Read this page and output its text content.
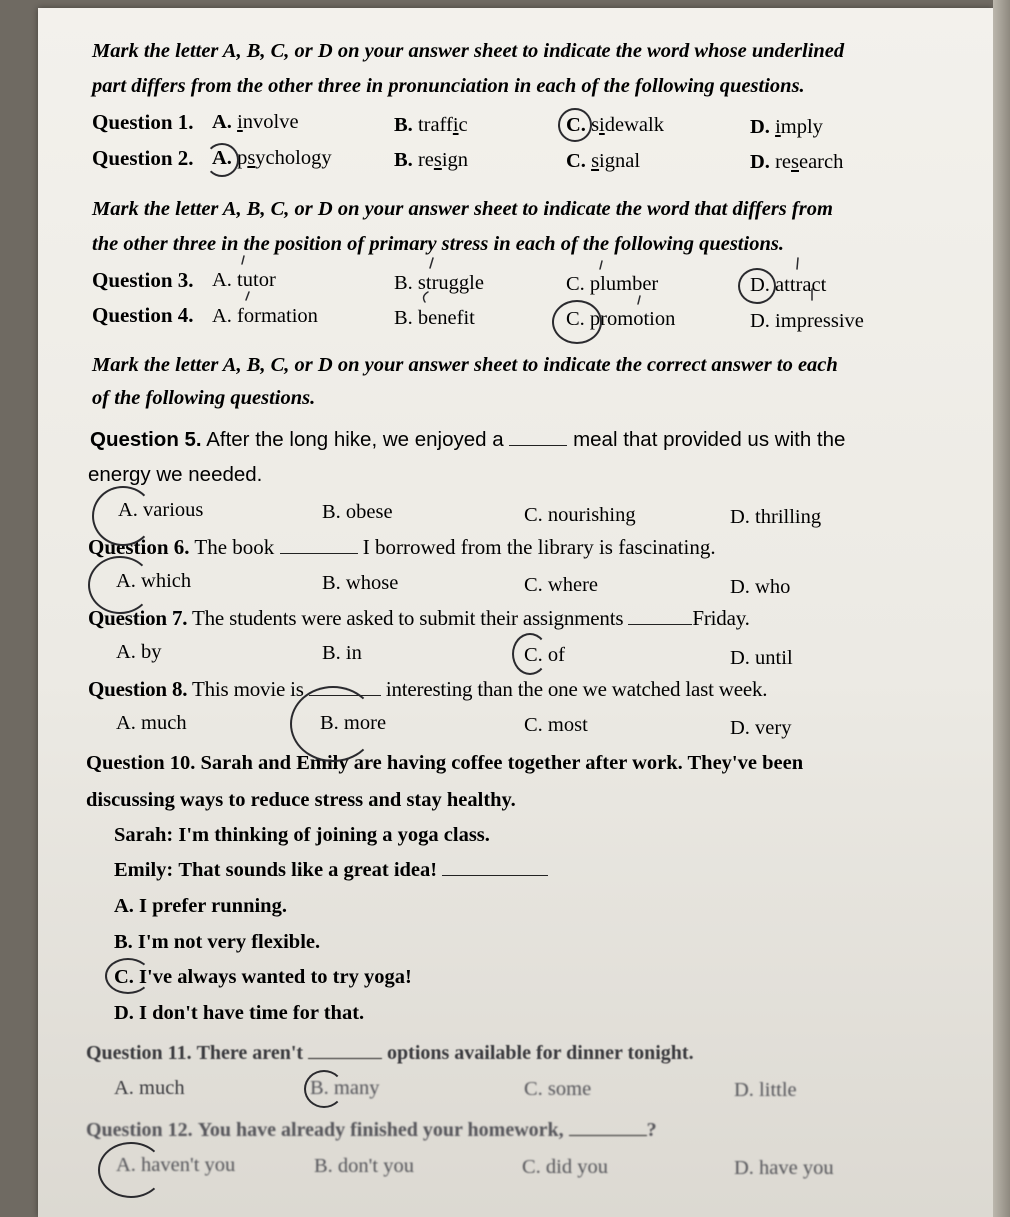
Mark the letter A, B, C, or D on your answer sheet to indicate the word whose underlined
part differs from the other three in pronunciation in each of the following questions.
Question 1. A. involve	B. traffic	C. sidewalk	D. imply
Question 2. A. psychology	B. resign	C. signal	D. research
Mark the letter A, B, C, or D on your answer sheet to indicate the word that differs from
the other three in the position of primary stress in each of the following questions.
Question 3. A. tutor	B. struggle	C. plumber	D. attract
Question 4. A. formation	B. benefit	C. promotion	D. impressive
Mark the letter A, B, C, or D on your answer sheet to indicate the correct answer to each
of the following questions.
Question 5. After the long hike, we enjoyed a	meal that provided us with the
energy we needed.
A. various	B. obese	C. nourishing	D. thrilling
Question 6. The book	I borrowed from the library is fascinating.
A. which	B. whose	C. where	D. who
Question 7. The students were asked to submit their assignments	Friday.
A. by	B. in	C. of	D. until
Question 8. This movie is	interesting than the one we watched last week.
A. much	B. more	C. most	D. very
Question 10. Sarah and Emily are having coffee together after work. They've been
discussing ways to reduce stress and stay healthy.
Sarah: I'm thinking of joining a yoga class.
Emily: That sounds like a great idea!
A. I prefer running.
B. I'm not very flexible.
C. I've always wanted to try yoga!
D. I don't have time for that.
Question 11. There aren't	options available for dinner tonight.
A. much	B. many	C. some	D. little
Question 12. You have already finished your homework,	?
A. haven't you	B. don't you	C. did you	D. have you
